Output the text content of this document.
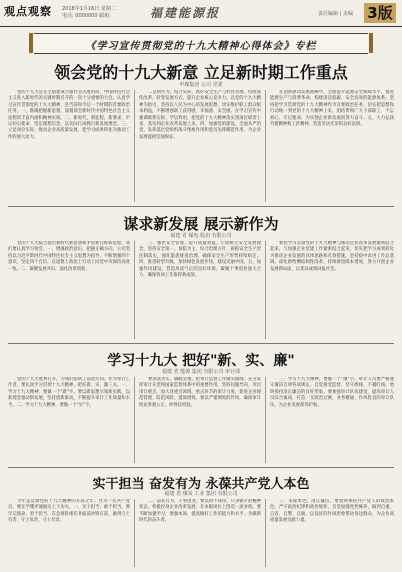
观点观察 2018年1月16日 星期二
电话: 0000000 邮箱:	福建能源报	责任编辑 | 美编 3版
《学习宣传贯彻党的十九大精神心得体会》专栏
领会党的十九大新意 立足新时期工作重点
中煤集团 公司 党委

党的十九大是在全面建成小康社会决胜阶段、中国特色社会主义进入新时代的关键时期召开的一次十分重要的大会。认真学习宣传贯彻党的十九大精神，是当前和今后一个时期的首要政治任务。一、准确把握新思想，深刻领会新时代中国特色社会主义思想的丰富内涵和精神实质。二、新时代，新征程，新要求，牢记初心使命，坚定理想信念，以实际行动践行新发展理念。三、立足岗位实际，推动企业高质量发展，把学习成果转化为推动工作的强大动力。

二是新作为。结合实际，抓好安全生产与经营管理，持续深化改革，转变发展方式，提升企业核心竞争力。以党的十九大精神为指引，坚持以人民为中心的发展思想，切实维护职工群众根本利益，不断增强职工获得感、幸福感、安全感。在学习宣传中强调联系实际、学以致用，把党的十九大精神落实到岗位职责上来，落实到企业改革发展上来。四、加强党的建设，全面从严治党，发挥基层党组织战斗堡垒作用和党员先锋模范作用，为企业发展提供坚强保证。

在创新驱动发展战略中，全面提升能源安全保障水平，推进能源生产与消费革命，构建清洁低碳、安全高效的能源体系。坚持把学习贯彻党的十九大精神作为首要政治任务，切实把思想和行动统一到党的十九大精神上来，团结带领广大干部职工，不忘初心、牢记使命，为实现企业新发展而努力奋斗。五、大力弘扬劳模精神和工匠精神，营造劳动光荣的良好氛围。

谋求新发展 展示新作为
福建 省 煤电 股份 有限公司

党的十九大报告提出新时代新思想新矛盾新目标新征程，我们要认真学习领会。一、增强政治意识，把握正确方向。公司坚持以习近平新时代中国特色社会主义思想为指导，不断增强四个意识，坚定四个自信，在思想上政治上行动上同党中央保持高度一致。二、凝聚发展共识，深化改革创新。

三、强化安全管理，提升质量效益。牢固树立安全发展理念，坚持安全第一、预防为主、综合治理方针，狠抓安全生产责任制落实，强化隐患排查治理，确保安全生产形势持续稳定。四、推进转型升级，加快绿色发展步伐，建设美丽中国。五、加强作风建设，营造风清气正的良好环境，凝聚干事创业强大合力，确保各项工作取得新成效。

要把学习贯彻党的十九大精神与推动企业改革发展紧密结合起来，与加强企业党建工作紧密结合起来，切实把学习成果转化为推动企业发展的具体思路和有效措施。坚持稳中求进工作总基调，深化供给侧结构性改革，持续推进降本增效，努力开创企业发展新局面，以优异成绩回报社会。

学习十九大 把好"新、实、廉"
福建 省 能源 集团 有限公司 审计部

党的十九大胜利召开，为我们指明了前进方向。作为审计工作者，要认真学习贯彻十九大精神，把好新、实、廉三关。一、学习十九大精神，要做一个"新"字。要以新思想引领新实践，以新理念推动新发展，坚持创新驱动，不断提升审计工作质量和水平。二、学习十九大精神，要做一个"实"字。

要求真务实，脚踏实地，把审计监督工作做实做细，充分发挥审计在党和国家监督体系中的重要作用。坚持问题导向，突出审计重点，加大对重点领域、重点环节的审计力度，促进企业规范管理、防范风险、提质增效。要以严谨细致的作风，确保审计结论客观公正、经得起检验。

三、学习十九大精神，要做一个"廉"字。审计人员要严格遵守廉洁自律各项规定，自觉接受监督，坚守底线、不越红线，始终保持清正廉洁的良好形象。要加强审计队伍建设，提高审计人员综合素质，打造一支政治过硬、业务精通、作风优良的审计队伍，为企业发展保驾护航。

实干担当 奋发有为 永葆共产党人本色
福建 省 煤炭 工业 集团 有限公司

今年是贯彻党的十九大精神的开局之年。作为一名共产党员，要在学懂弄通做实上下功夫。一、实干担当，敢于担当。要牢记使命，勇于担当，在急难险重任务面前冲锋在前，做到守土有责、守土负责、守土尽责。

二、奋发有为，干事创业。要以时不我待、只争朝夕的精神状态，积极投身企业改革发展，在本职岗位上创造一流业绩。要不断加强学习，增强本领，提高做好工作的能力和水平，争做新时代的奋斗者。

三、永葆本色，清正廉洁。要始终保持共产党人的政治本色，严守政治纪律和政治规矩，自觉加强党性修养，做到自重、自省、自警、自励，以良好的作风形象带动身边群众，为企业高质量发展贡献力量。
